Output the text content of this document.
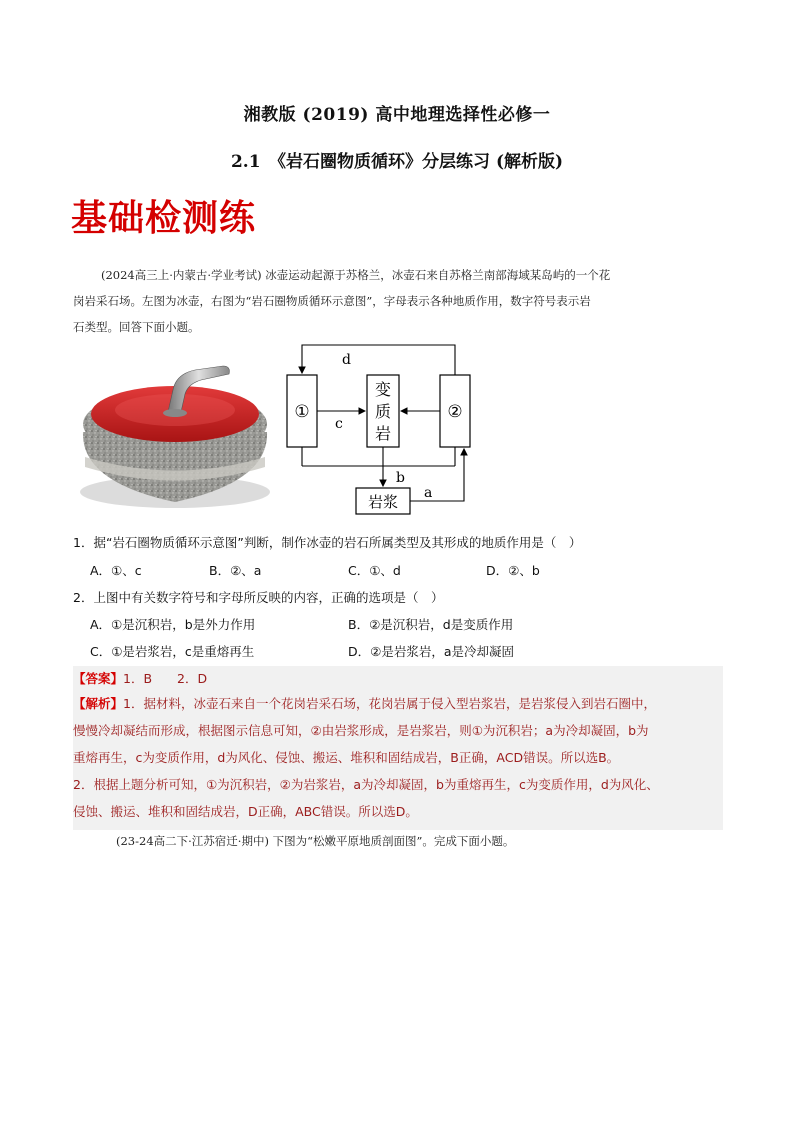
湘教版 (2019) 高中地理选择性必修一
2.1　《岩石圈物质循环》分层练习 (解析版)
基础检测练
(2024高三上·内蒙古·学业考试) 冰壶运动起源于苏格兰，冰壶石来自苏格兰南部海域某岛屿的一个花
岗岩采石场。左图为冰壶，右图为“岩石圈物质循环示意图”，字母表示各种地质作用，数字符号表示岩
石类型。回答下面小题。
①	②
变
质
岩
岩浆
d
c
b
a
1．据“岩石圈物质循环示意图”判断，制作冰壶的岩石所属类型及其形成的地质作用是（　）
A．①、c	B．②、a	C．①、d	D．②、b
2．上图中有关数字符号和字母所反映的内容，正确的选项是（　）
A．①是沉积岩，b是外力作用	B．②是沉积岩，d是变质作用
C．①是岩浆岩，c是重熔再生	D．②是岩浆岩，a是冷却凝固
【答案】1．B　　2．D
【解析】1．据材料，冰壶石来自一个花岗岩采石场，花岗岩属于侵入型岩浆岩，是岩浆侵入到岩石圈中，
慢慢冷却凝结而形成，根据图示信息可知，②由岩浆形成，是岩浆岩，则①为沉积岩；a为冷却凝固，b为
重熔再生，c为变质作用，d为风化、侵蚀、搬运、堆积和固结成岩，B正确，ACD错误。所以选B。
2．根据上题分析可知，①为沉积岩，②为岩浆岩，a为冷却凝固，b为重熔再生，c为变质作用，d为风化、
侵蚀、搬运、堆积和固结成岩，D正确，ABC错误。所以选D。
(23-24高二下·江苏宿迁·期中) 下图为“松嫩平原地质剖面图”。完成下面小题。
